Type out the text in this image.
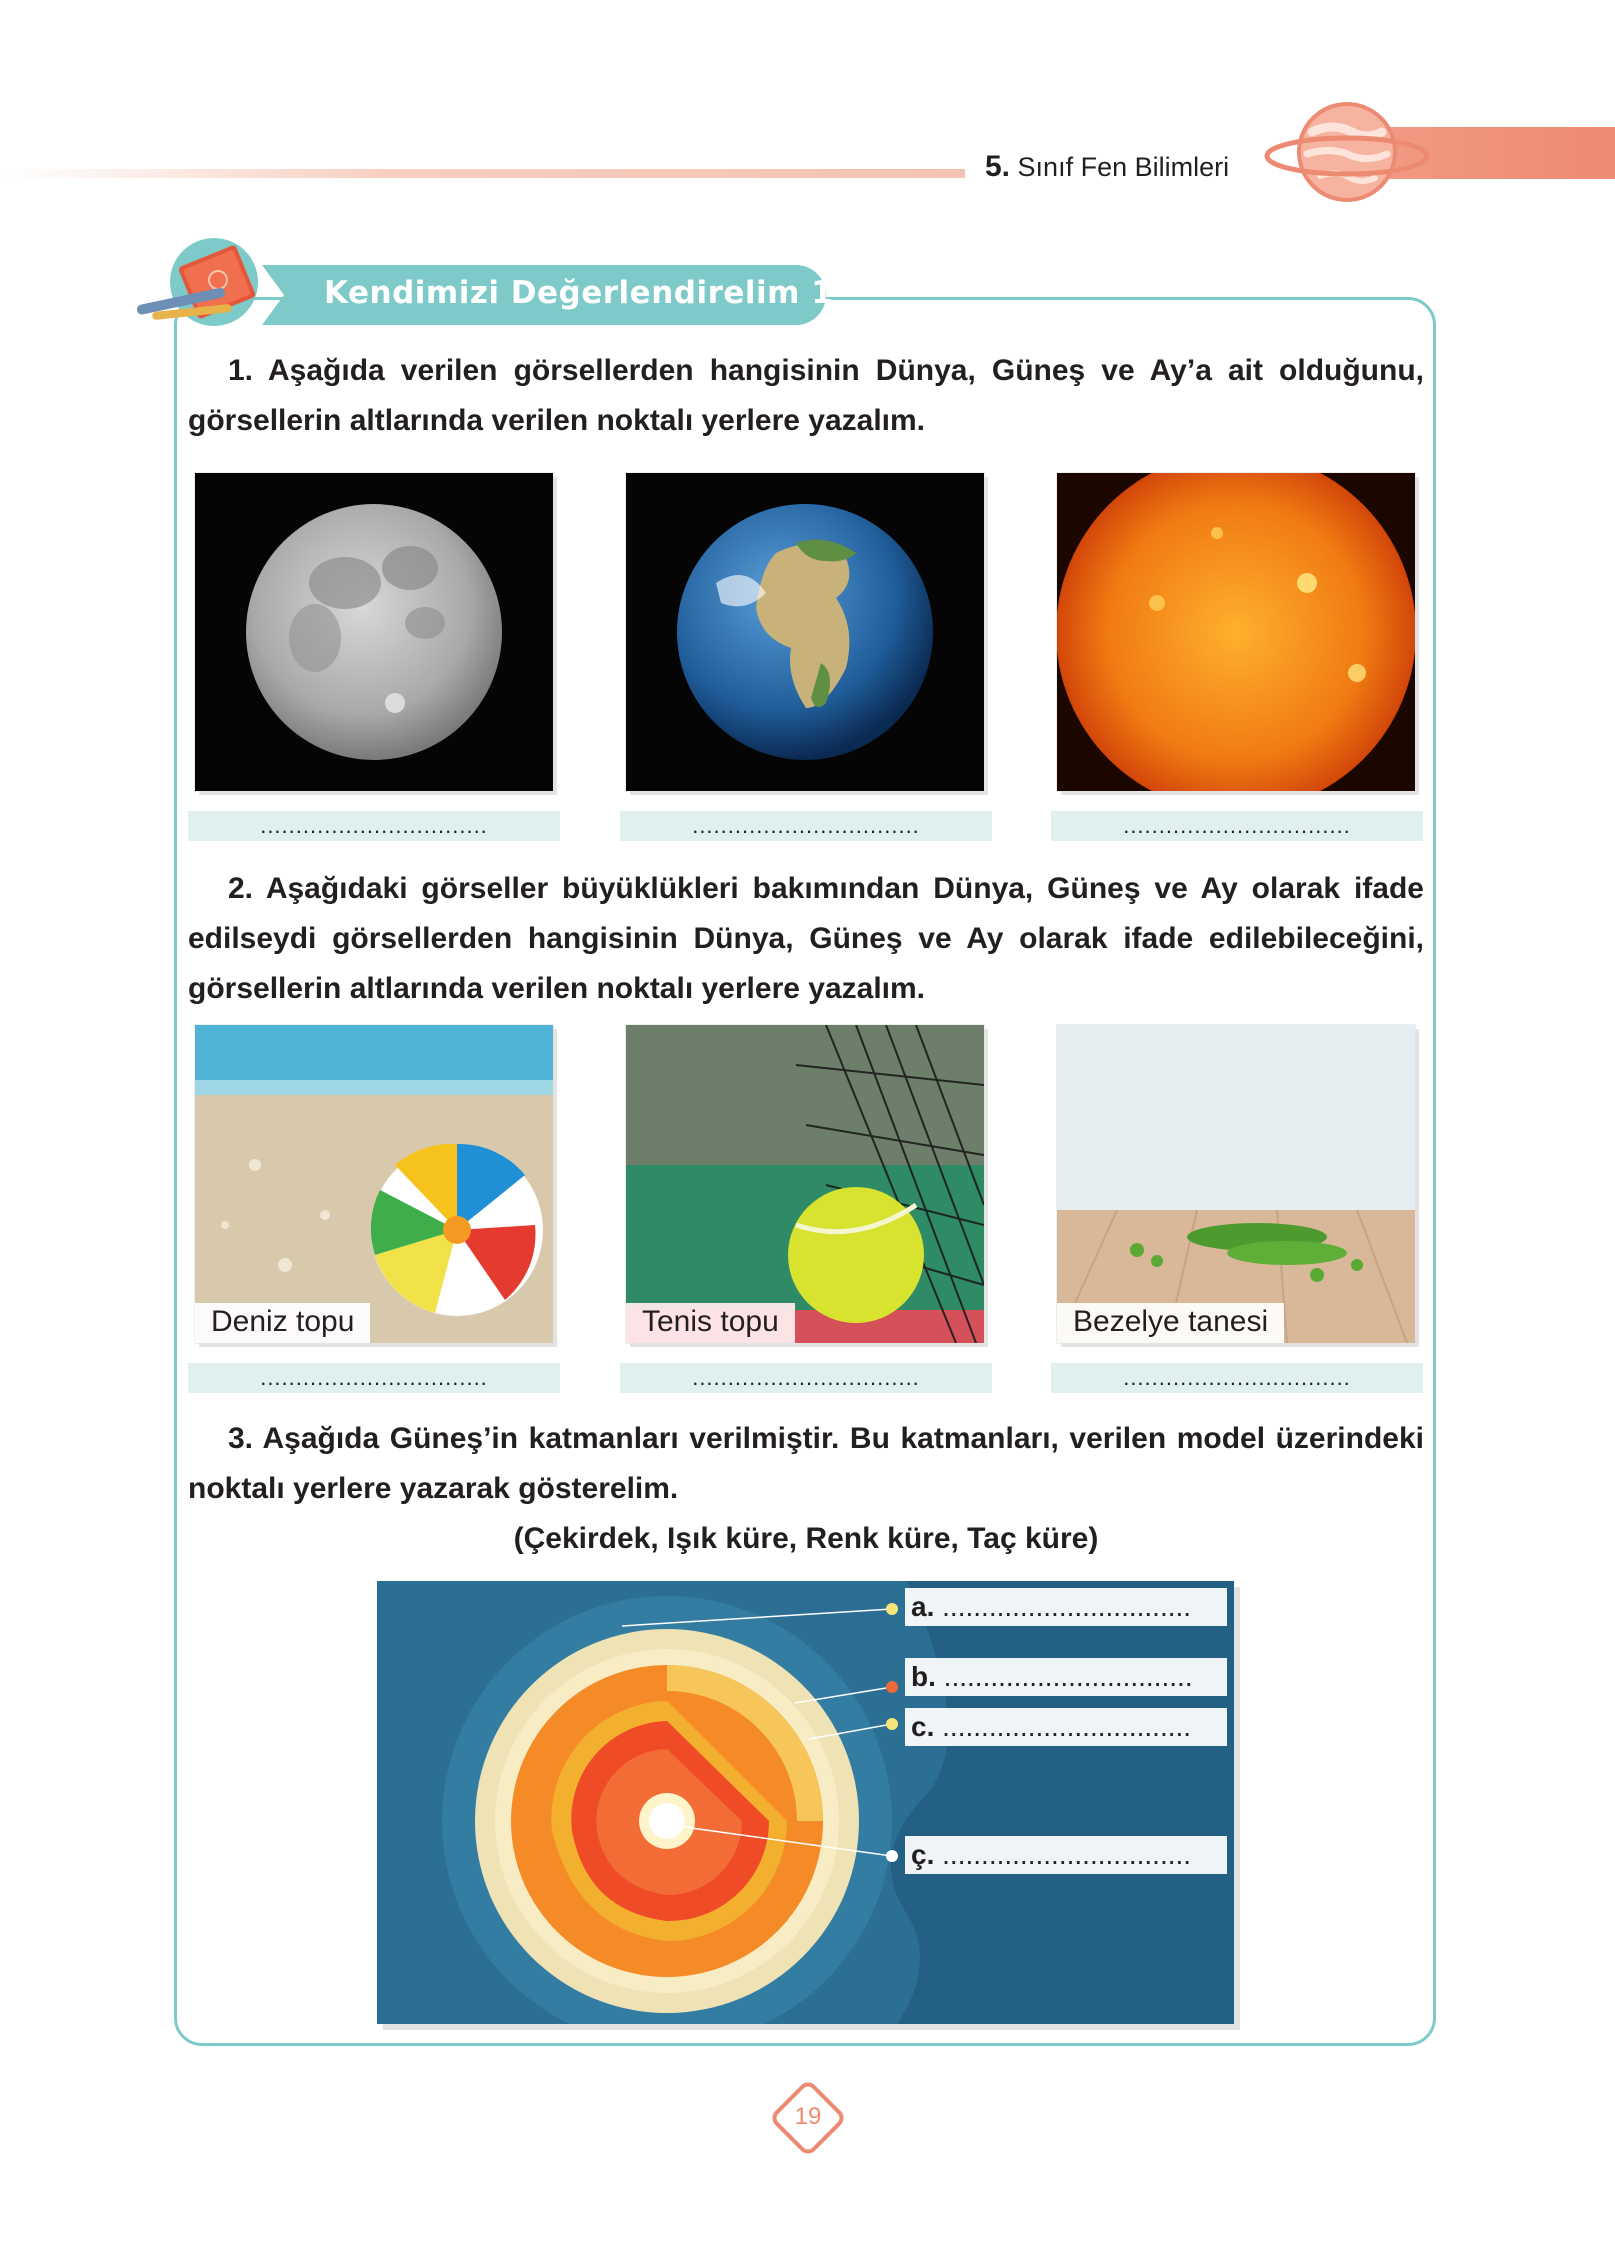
5. Sınıf Fen Bilimleri
Kendimizi Değerlendirelim 1
1. Aşağıda verilen görsellerden hangisinin Dünya, Güneş ve Ay’a ait olduğunu, görsellerin altlarında verilen noktalı yerlere yazalım.
................................	................................	................................
2. Aşağıdaki görseller büyüklükleri bakımından Dünya, Güneş ve Ay olarak ifade edilseydi görsellerden hangisinin Dünya, Güneş ve Ay olarak ifade edilebileceğini, görsellerin altlarında verilen noktalı yerlere yazalım.
Deniz topu
................................
Tenis topu
................................
Bezelye tanesi
................................
3. Aşağıda Güneş’in katmanları verilmiştir. Bu katmanları, verilen model üzerindeki noktalı yerlere yazarak gösterelim.
(Çekirdek, Işık küre, Renk küre, Taç küre)
a. ................................
b. ................................
c. ................................
ç. ................................
19
